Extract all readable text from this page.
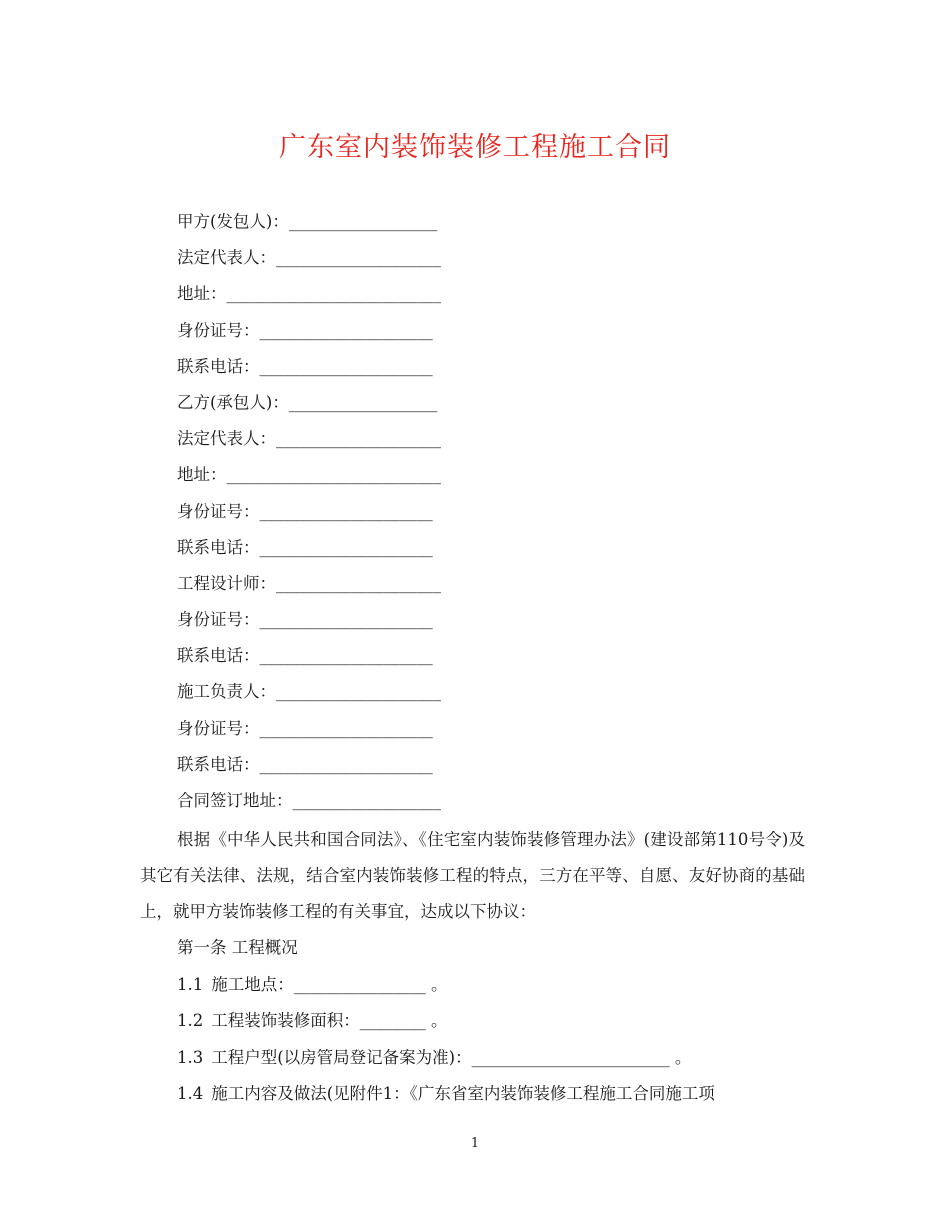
广东室内装饰装修工程施工合同
甲方(发包人)：__________________
法定代表人：____________________
地址：__________________________
身份证号：_____________________
联系电话：_____________________
乙方(承包人)：__________________
法定代表人：____________________
地址：__________________________
身份证号：_____________________
联系电话：_____________________
工程设计师：____________________
身份证号：_____________________
联系电话：_____________________
施工负责人：____________________
身份证号：_____________________
联系电话：_____________________
合同签订地址：__________________
根据《中华人民共和国合同法》、《住宅室内装饰装修管理办法》(建设部第110号令)及其它有关法律、法规，结合室内装饰装修工程的特点，三方在平等、自愿、友好协商的基础上，就甲方装饰装修工程的有关事宜，达成以下协议：
第一条 工程概况
1.1 施工地点：________________ 。
1.2 工程装饰装修面积：________ 。
1.3 工程户型(以房管局登记备案为准)：________________________ 。
1.4 施工内容及做法(见附件1：《广东省室内装饰装修工程施工合同施工项
1
